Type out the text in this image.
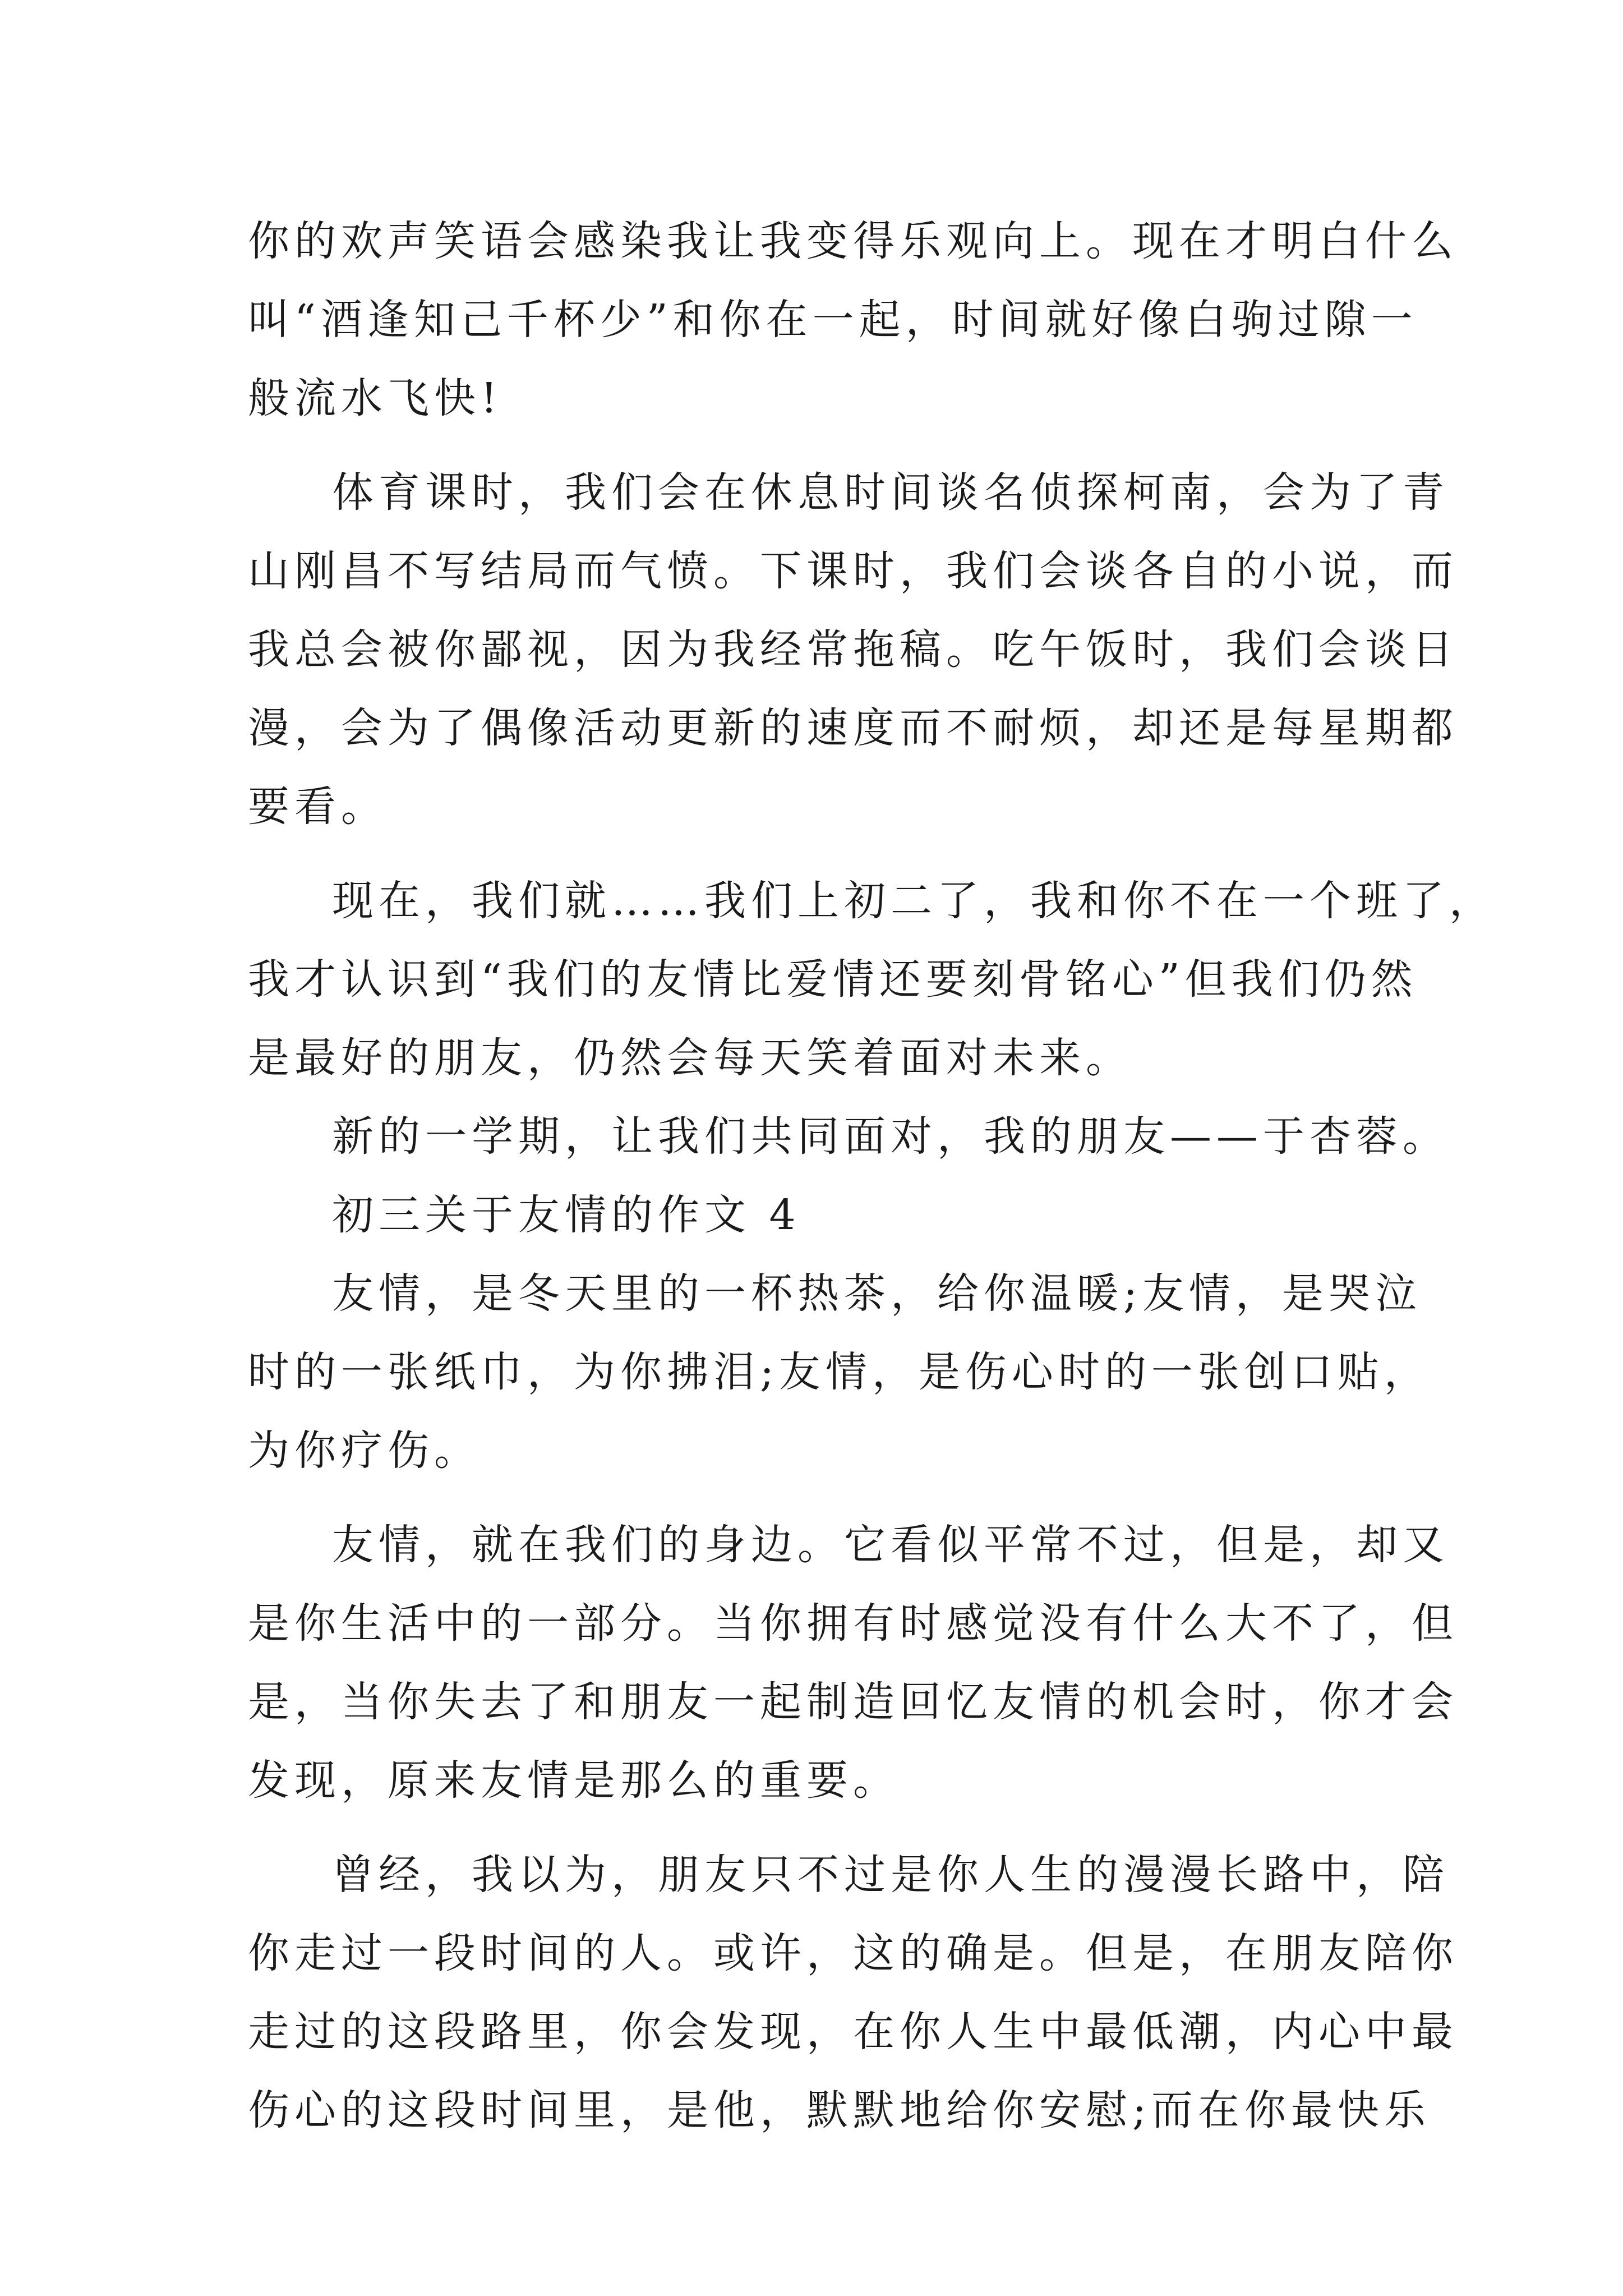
你的欢声笑语会感染我让我变得乐观向上。现在才明白什么
叫“酒逢知己千杯少”和你在一起，时间就好像白驹过隙一
般流水飞快!
体育课时，我们会在休息时间谈名侦探柯南，会为了青
山刚昌不写结局而气愤。下课时，我们会谈各自的小说，而
我总会被你鄙视，因为我经常拖稿。吃午饭时，我们会谈日
漫，会为了偶像活动更新的速度而不耐烦，却还是每星期都
要看。
现在，我们就……我们上初二了，我和你不在一个班了，
我才认识到“我们的友情比爱情还要刻骨铭心”但我们仍然
是最好的朋友，仍然会每天笑着面对未来。
新的一学期，让我们共同面对，我的朋友——于杏蓉。
初三关于友情的作文 4
友情，是冬天里的一杯热茶，给你温暖;友情，是哭泣
时的一张纸巾，为你拂泪;友情，是伤心时的一张创口贴，
为你疗伤。
友情，就在我们的身边。它看似平常不过，但是，却又
是你生活中的一部分。当你拥有时感觉没有什么大不了，但
是，当你失去了和朋友一起制造回忆友情的机会时，你才会
发现，原来友情是那么的重要。
曾经，我以为，朋友只不过是你人生的漫漫长路中，陪
你走过一段时间的人。或许，这的确是。但是，在朋友陪你
走过的这段路里，你会发现，在你人生中最低潮，内心中最
伤心的这段时间里，是他，默默地给你安慰;而在你最快乐
